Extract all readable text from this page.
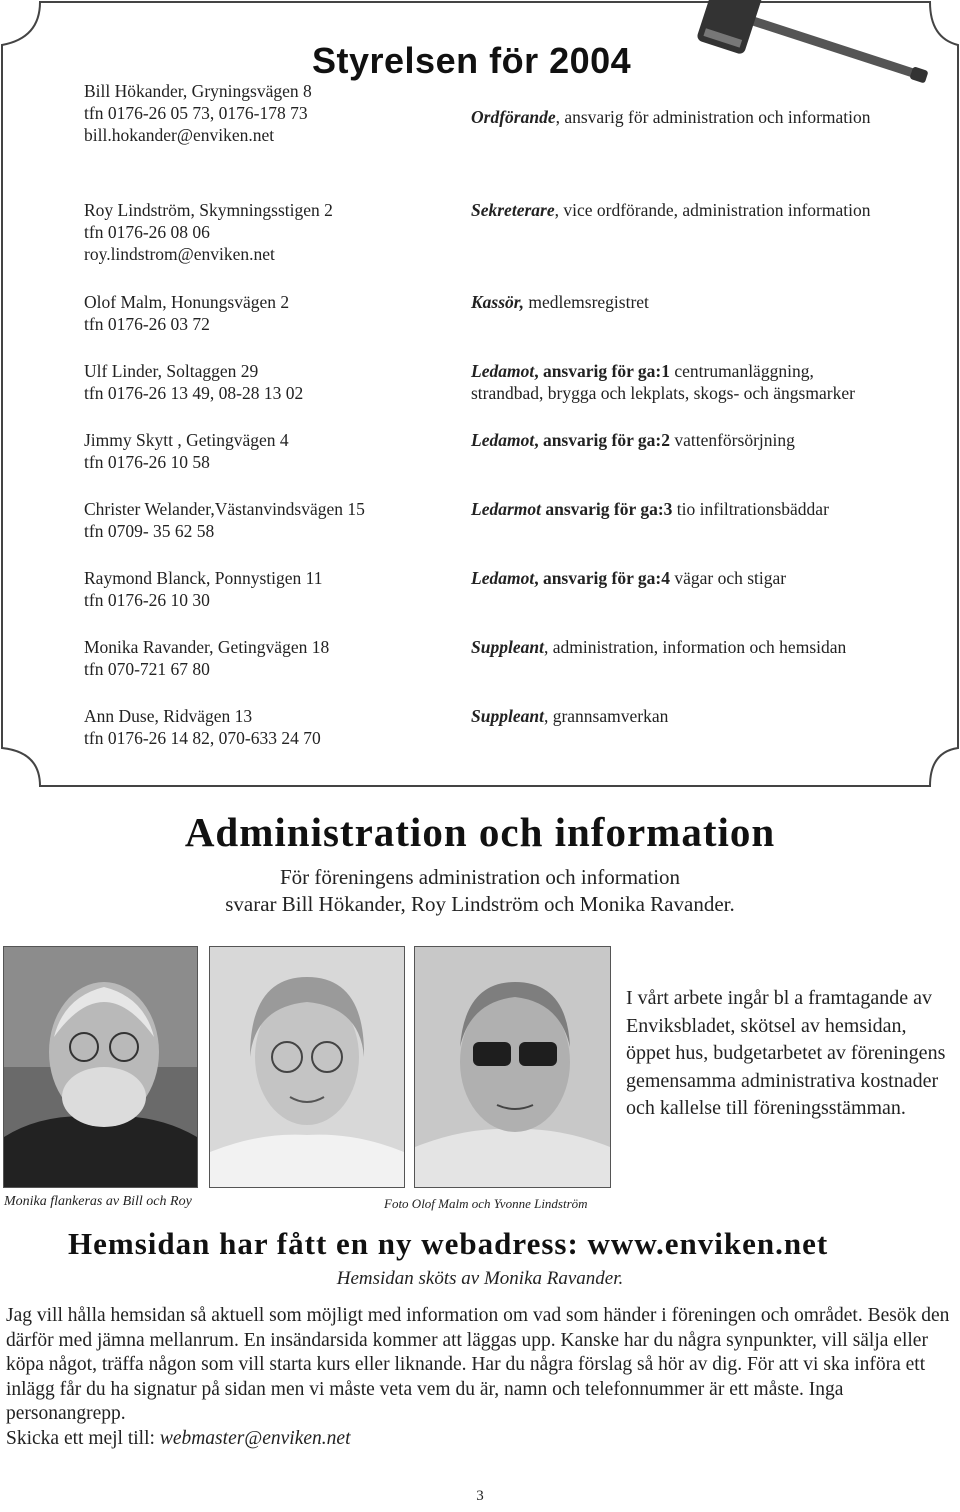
Styrelsen för 2004
Bill Hökander, Gryningsvägen 8
tfn 0176-26 05 73, 0176-178 73
bill.hokander@enviken.net
Roy Lindström, Skymningsstigen 2
tfn 0176-26 08 06
roy.lindstrom@enviken.net
Olof Malm, Honungsvägen 2
tfn 0176-26 03 72
Ulf Linder, Soltaggen 29
tfn 0176-26 13 49, 08-28 13 02
Jimmy Skytt , Getingvägen 4
tfn 0176-26 10 58
Christer Welander,Västanvindsvägen 15
tfn 0709- 35 62 58
Raymond Blanck, Ponnystigen 11
tfn 0176-26 10 30
Monika Ravander, Getingvägen 18
tfn 070-721 67 80
Ann Duse, Ridvägen 13
tfn 0176-26 14 82, 070-633 24 70
Ordförande, ansvarig för administration och information
Sekreterare, vice ordförande, administration information
Kassör, medlemsregistret
Ledamot, ansvarig för ga:1 centrumanläggning,
strandbad, brygga och lekplats, skogs- och ängsmarker
Ledamot, ansvarig för ga:2 vattenförsörjning
Ledarmot ansvarig för ga:3 tio infiltrationsbäddar
Ledamot, ansvarig för ga:4 vägar och stigar
Suppleant, administration, information och hemsidan
Suppleant, grannsamverkan
Administration och information
För föreningens administration och information
svarar Bill Hökander, Roy Lindström och Monika Ravander.
I vårt arbete ingår bl a framtagande av Enviksbladet, skötsel av hemsidan, öppet hus, budgetarbetet av föreningens gemensamma administrativa kostnader och kallelse till föreningsstämman.
Monika flankeras av Bill och Roy	Foto Olof Malm och Yvonne Lindström
Hemsidan har fått en ny webadress: www.enviken.net
Hemsidan sköts av Monika Ravander.

Jag vill hålla hemsidan så aktuell som möjligt med information om vad som händer i föreningen och området. Besök den därför med jämna mellanrum. En insändarsida kommer att läggas upp. Kanske har du några synpunkter, vill sälja eller köpa något, träffa någon som vill starta kurs eller liknande. Har du några förslag så hör av dig. För att vi ska införa ett inlägg får du ha signatur på sidan men vi måste veta vem du är, namn och telefonnummer är ett måste. Inga personangrepp.

Skicka ett mejl till: webmaster@enviken.net

3
